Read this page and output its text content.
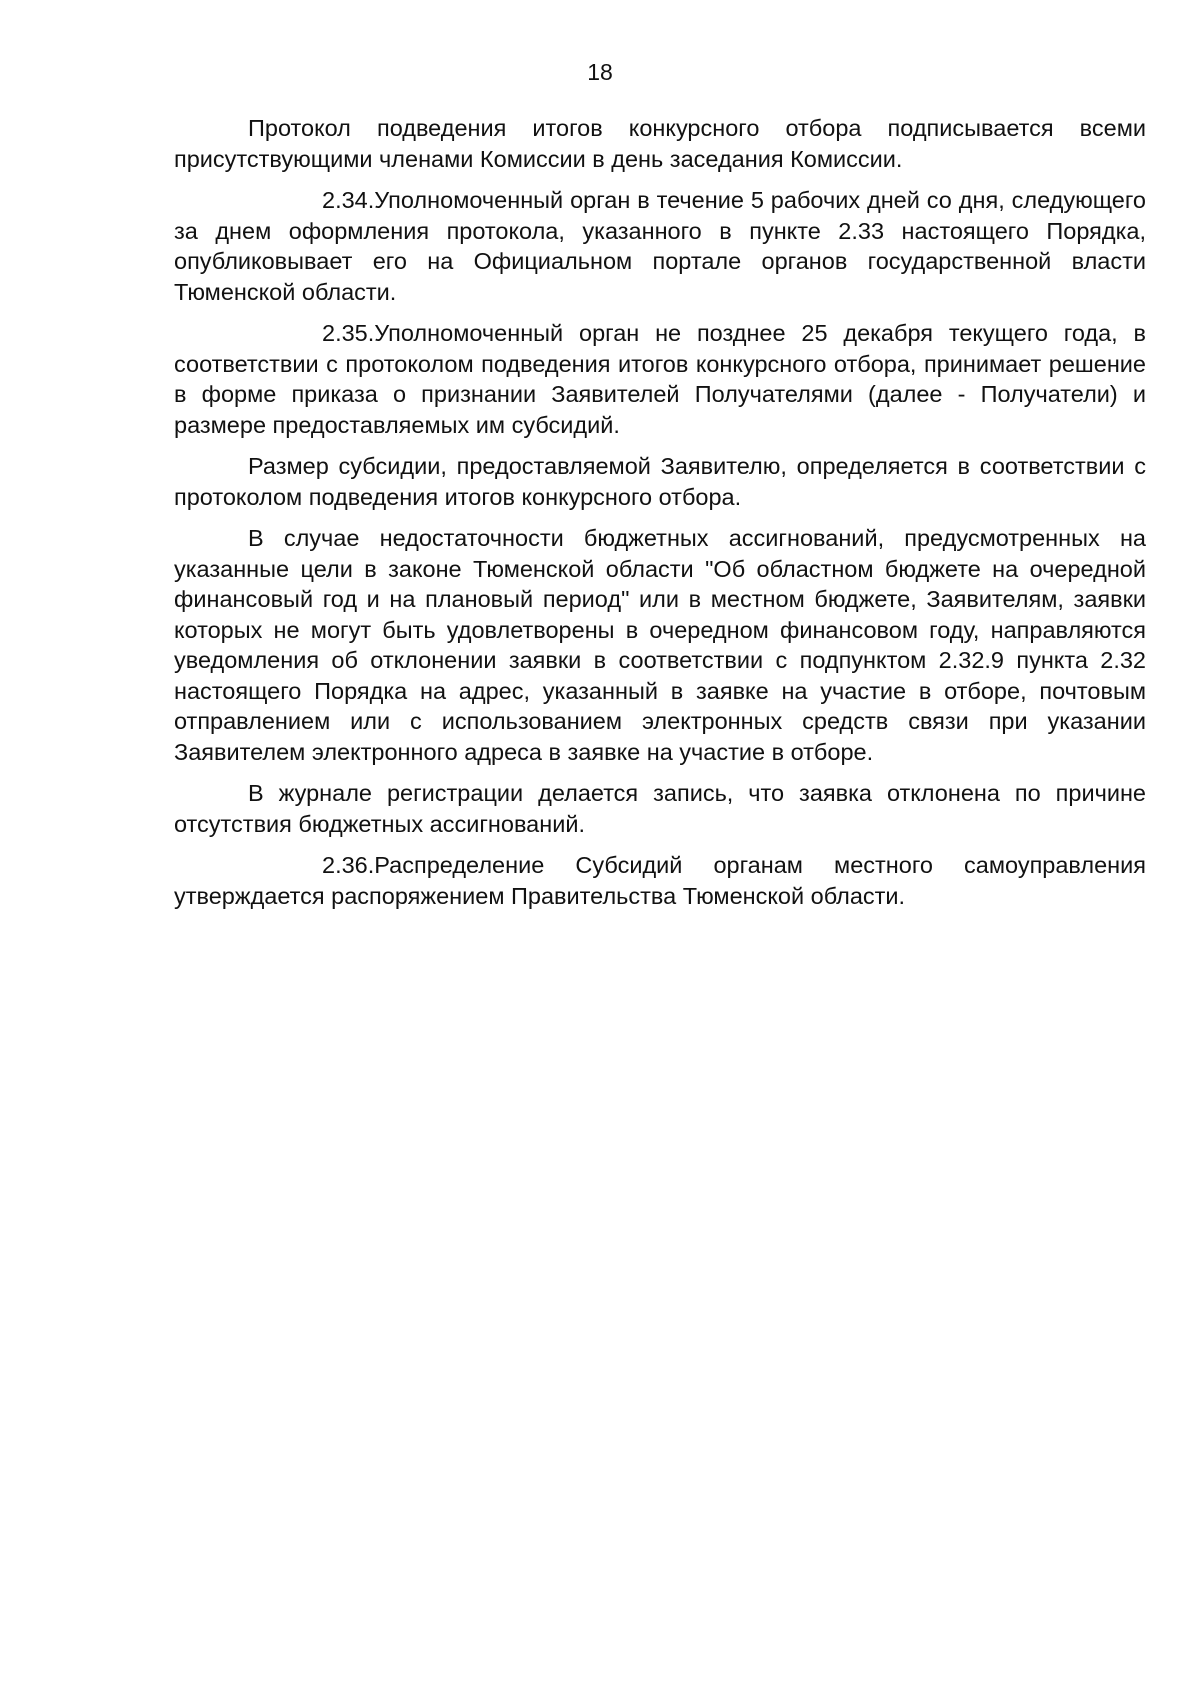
18

Протокол подведения итогов конкурсного отбора подписывается всеми присутствующими членами Комиссии в день заседания Комиссии.

2.34.Уполномоченный орган в течение 5 рабочих дней со дня, следующего за днем оформления протокола, указанного в пункте 2.33 настоящего Порядка, опубликовывает его на Официальном портале органов государственной власти Тюменской области.

2.35.Уполномоченный орган не позднее 25 декабря текущего года, в соответствии с протоколом подведения итогов конкурсного отбора, принимает решение в форме приказа о признании Заявителей Получателями (далее - Получатели) и размере предоставляемых им субсидий.

Размер субсидии, предоставляемой Заявителю, определяется в соответствии с протоколом подведения итогов конкурсного отбора.

В случае недостаточности бюджетных ассигнований, предусмотренных на указанные цели в законе Тюменской области "Об областном бюджете на очередной финансовый год и на плановый период" или в местном бюджете, Заявителям, заявки которых не могут быть удовлетворены в очередном финансовом году, направляются уведомления об отклонении заявки в соответствии с подпунктом 2.32.9 пункта 2.32 настоящего Порядка на адрес, указанный в заявке на участие в отборе, почтовым отправлением или с использованием электронных средств связи при указании Заявителем электронного адреса в заявке на участие в отборе.

В журнале регистрации делается запись, что заявка отклонена по причине отсутствия бюджетных ассигнований.

2.36.Распределение Субсидий органам местного самоуправления утверждается распоряжением Правительства Тюменской области.
